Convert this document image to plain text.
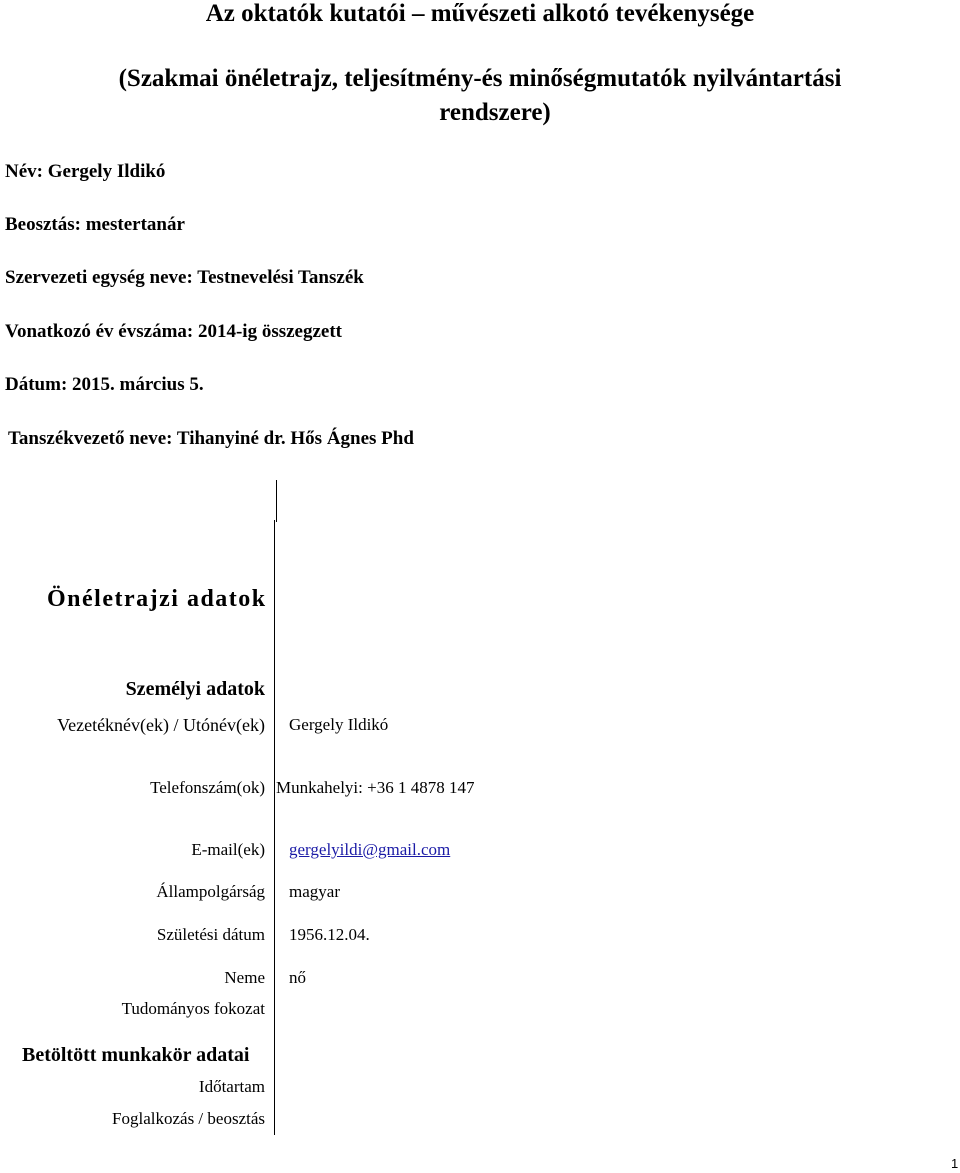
Az oktatók kutatói – művészeti alkotó tevékenysége
(Szakmai önéletrajz, teljesítmény-és minőségmutatók nyilvántartási
rendszere)
Név: Gergely Ildikó
Beosztás: mestertanár
Szervezeti egység neve: Testnevelési Tanszék
Vonatkozó év évszáma: 2014-ig összegzett
Dátum: 2015. március 5.
Tanszékvezető neve: Tihanyiné dr. Hős Ágnes Phd
Önéletrajzi adatok
Személyi adatok
Vezetéknév(ek) / Utónév(ek) Gergely Ildikó
Telefonszám(ok) Munkahelyi: +36 1 4878 147
E-mail(ek) gergelyildi@gmail.com
Állampolgárság magyar
Születési dátum 1956.12.04.
Neme nő
Tudományos fokozat
Betöltött munkakör adatai
Időtartam
Foglalkozás / beosztás
1
